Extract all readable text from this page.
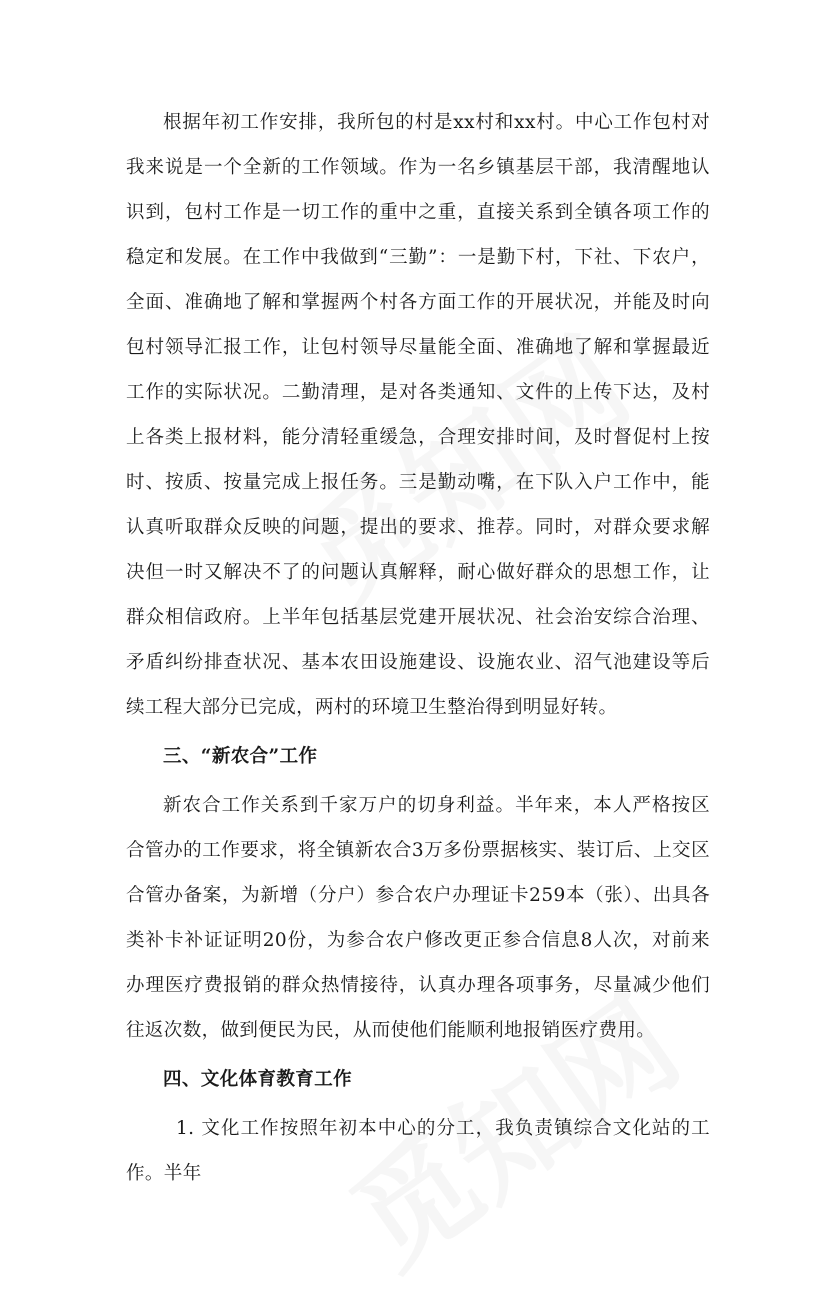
根据年初工作安排，我所包的村是xx村和xx村。中心工作包村对我来说是一个全新的工作领域。作为一名乡镇基层干部，我清醒地认识到，包村工作是一切工作的重中之重，直接关系到全镇各项工作的稳定和发展。在工作中我做到“三勤”：一是勤下村，下社、下农户，全面、准确地了解和掌握两个村各方面工作的开展状况，并能及时向包村领导汇报工作，让包村领导尽量能全面、准确地了解和掌握最近工作的实际状况。二勤清理，是对各类通知、文件的上传下达，及村上各类上报材料，能分清轻重缓急，合理安排时间，及时督促村上按时、按质、按量完成上报任务。三是勤动嘴，在下队入户工作中，能认真听取群众反映的问题，提出的要求、推荐。同时，对群众要求解决但一时又解决不了的问题认真解释，耐心做好群众的思想工作，让群众相信政府。上半年包括基层党建开展状况、社会治安综合治理、矛盾纠纷排查状况、基本农田设施建设、设施农业、沼气池建设等后续工程大部分已完成，两村的环境卫生整治得到明显好转。

三、“新农合”工作

新农合工作关系到千家万户的切身利益。半年来，本人严格按区合管办的工作要求，将全镇新农合3万多份票据核实、装订后、上交区合管办备案，为新增（分户）参合农户办理证卡259本（张）、出具各类补卡补证证明20份，为参合农户修改更正参合信息8人次，对前来办理医疗费报销的群众热情接待，认真办理各项事务，尽量减少他们往返次数，做到便民为民，从而使他们能顺利地报销医疗费用。

四、文化体育教育工作

1. 文化工作按照年初本中心的分工，我负责镇综合文化站的工作。半年
